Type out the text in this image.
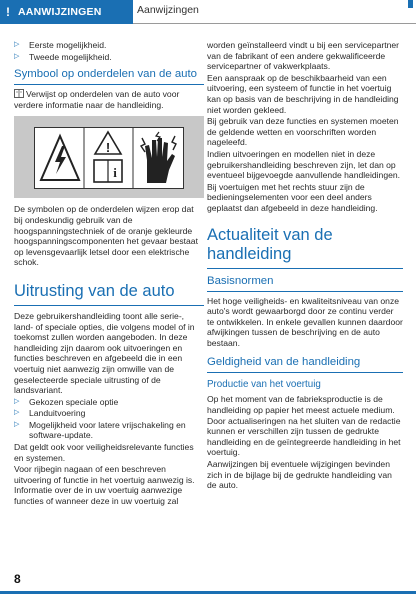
! AANWIJZINGEN	Aanwijzingen
▷	Eerste mogelijkheid.
▷	Tweede mogelijkheid.
Symbool op onderdelen van de auto

Verwijst op onderdelen van de auto voor verdere informatie naar de handleiding.

!
i

De symbolen op de onderdelen wijzen erop dat bij ondeskundig gebruik van de hoogspanningstechniek of de oranje gekleurde hoogspanningscomponenten het gevaar bestaat op levensgevaarlijk letsel door een elektrische schok.

Uitrusting van de auto

Deze gebruikershandleiding toont alle serie-, land- of speciale opties, die volgens model of in toekomst zullen worden aangeboden. In deze handleiding zijn daarom ook uitvoeringen en functies beschreven en afgebeeld die in een voertuig niet aanwezig zijn omwille van de geselecteerde speciale uitrusting of de landsvariant.

▷	Gekozen speciale optie
▷	Landuitvoering
▷	Mogelijkheid voor latere vrijschakeling en software-update.

Dat geldt ook voor veiligheidsrelevante functies en systemen.

Voor rijbegin nagaan of een beschreven uitvoering of functie in het voertuig aanwezig is. Informatie over de in uw voertuig aanwezige functies of wanneer deze in uw voertuig zal

worden geïnstalleerd vindt u bij een servicepartner van de fabrikant of een andere gekwalificeerde servicepartner of vakwerkplaats.

Een aanspraak op de beschikbaarheid van een uitvoering, een systeem of functie in het voertuig kan op basis van de beschrijving in de handleiding niet worden gekleed.

Bij gebruik van deze functies en systemen moeten de geldende wetten en voorschriften worden nageleefd.

Indien uitvoeringen en modellen niet in deze gebruikershandleiding beschreven zijn, let dan op eventueel bijgevoegde aanvullende handleidingen.

Bij voertuigen met het rechts stuur zijn de bedieningselementen voor een deel anders geplaatst dan afgebeeld in deze handleiding.

Actualiteit van de handleiding
Basisnormen

Het hoge veiligheids- en kwaliteitsniveau van onze auto's wordt gewaarborgd door ze continu verder te ontwikkelen. In enkele gevallen kunnen daardoor afwijkingen tussen de beschrijving en de auto bestaan.

Geldigheid van de handleiding
Productie van het voertuig

Op het moment van de fabrieksproductie is de handleiding op papier het meest actuele medium. Door actualiseringen na het sluiten van de redactie kunnen er verschillen zijn tussen de gedrukte handleiding en de geïntegreerde handleiding in het voertuig.

Aanwijzingen bij eventuele wijzigingen bevinden zich in de bijlage bij de gedrukte handleiding van de auto.

8
